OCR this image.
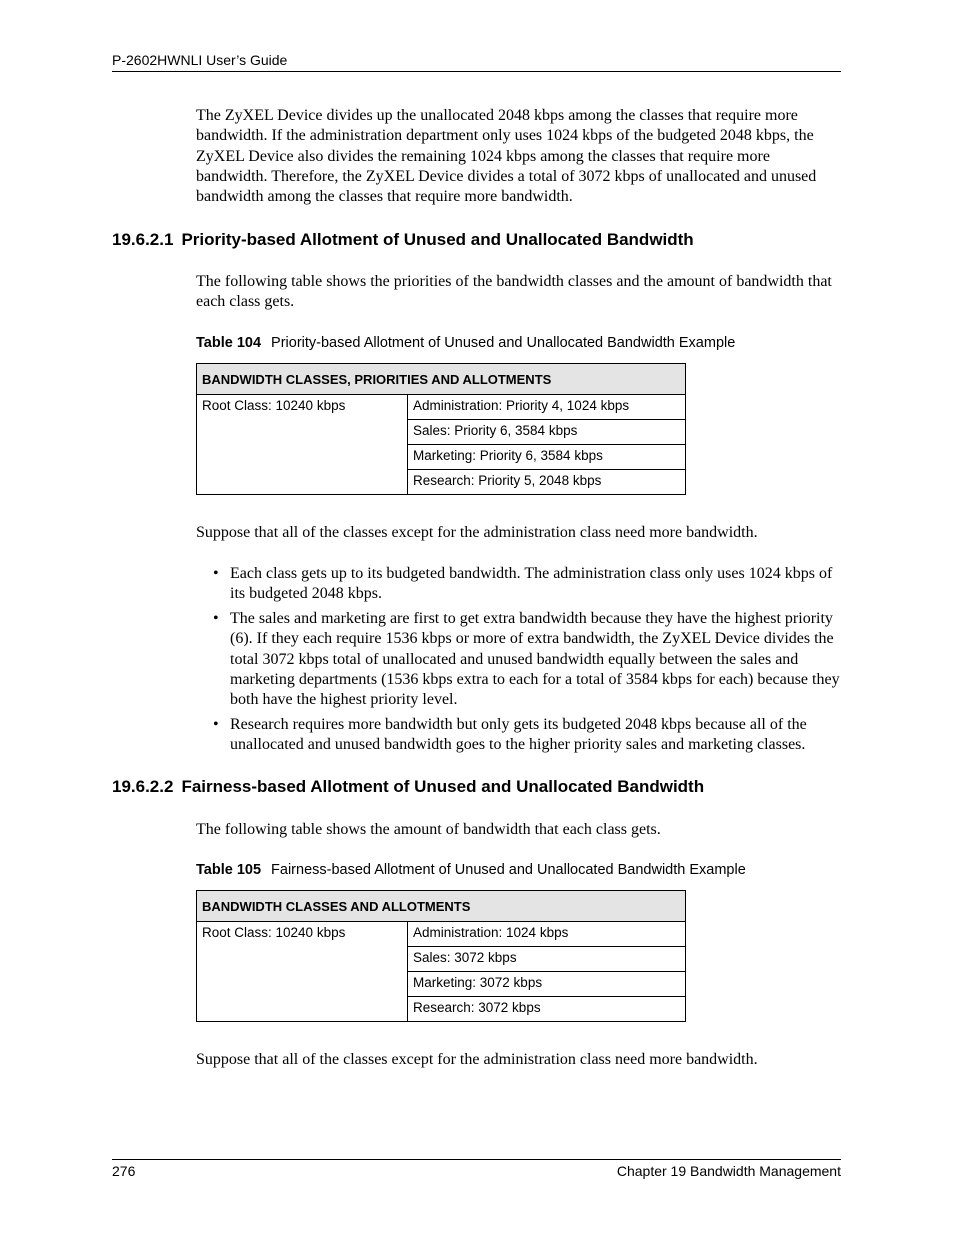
P-2602HWNLI User’s Guide

The ZyXEL Device divides up the unallocated 2048 kbps among the classes that require more bandwidth. If the administration department only uses 1024 kbps of the budgeted 2048 kbps, the ZyXEL Device also divides the remaining 1024 kbps among the classes that require more bandwidth. Therefore, the ZyXEL Device divides a total of 3072 kbps of unallocated and unused bandwidth among the classes that require more bandwidth.

19.6.2.1 Priority-based Allotment of Unused and Unallocated Bandwidth

The following table shows the priorities of the bandwidth classes and the amount of bandwidth that each class gets.

Table 104 Priority-based Allotment of Unused and Unallocated Bandwidth Example
BANDWIDTH CLASSES, PRIORITIES AND ALLOTMENTS
Root Class: 10240 kbps	Administration: Priority 4, 1024 kbps
Sales: Priority 6, 3584 kbps
Marketing: Priority 6, 3584 kbps
Research: Priority 5, 2048 kbps

Suppose that all of the classes except for the administration class need more bandwidth.

• Each class gets up to its budgeted bandwidth. The administration class only uses 1024 kbps of its budgeted 2048 kbps.
• The sales and marketing are first to get extra bandwidth because they have the highest priority (6). If they each require 1536 kbps or more of extra bandwidth, the ZyXEL Device divides the total 3072 kbps total of unallocated and unused bandwidth equally between the sales and marketing departments (1536 kbps extra to each for a total of 3584 kbps for each) because they both have the highest priority level.
• Research requires more bandwidth but only gets its budgeted 2048 kbps because all of the unallocated and unused bandwidth goes to the higher priority sales and marketing classes.
19.6.2.2 Fairness-based Allotment of Unused and Unallocated Bandwidth

The following table shows the amount of bandwidth that each class gets.

Table 105 Fairness-based Allotment of Unused and Unallocated Bandwidth Example
BANDWIDTH CLASSES AND ALLOTMENTS
Root Class: 10240 kbps	Administration: 1024 kbps
Sales: 3072 kbps
Marketing: 3072 kbps
Research: 3072 kbps

Suppose that all of the classes except for the administration class need more bandwidth.

276	Chapter 19 Bandwidth Management
